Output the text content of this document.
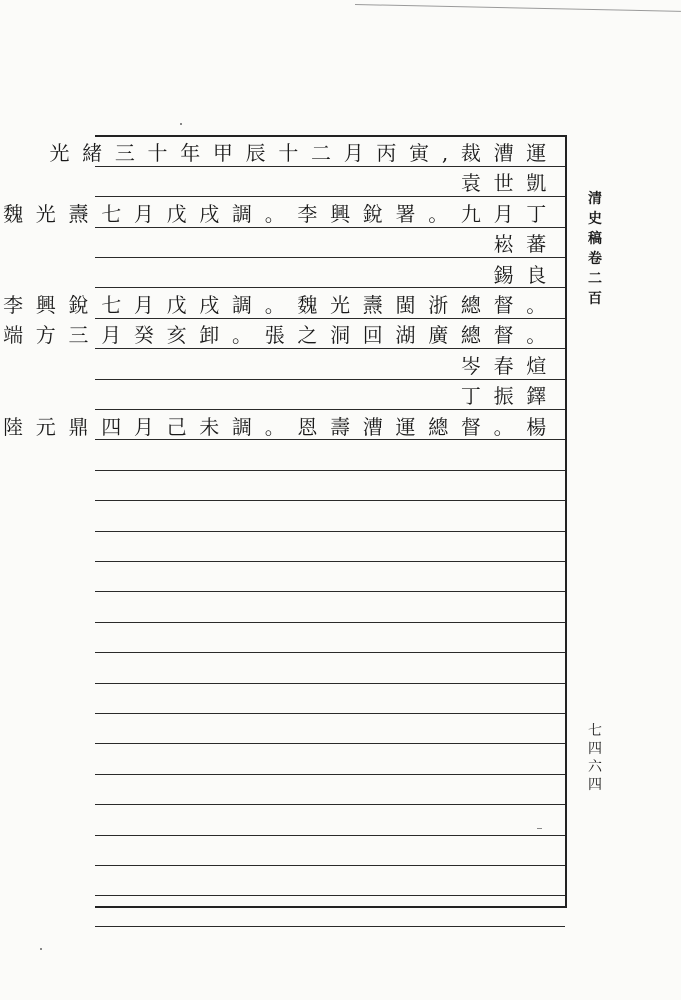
光緒三十年甲辰十二月丙寅,裁漕運
袁世凱
魏光燾七月戊戌調。李興銳署。九月丁
崧蕃
錫良
李興銳七月戊戌調。魏光燾閩浙總督。
端方三月癸亥卸。張之洞回湖廣總督。
岑春煊
丁振鐸
陸元鼎四月己未調。恩壽漕運總督。楊
清史稿卷二百
七四六四
